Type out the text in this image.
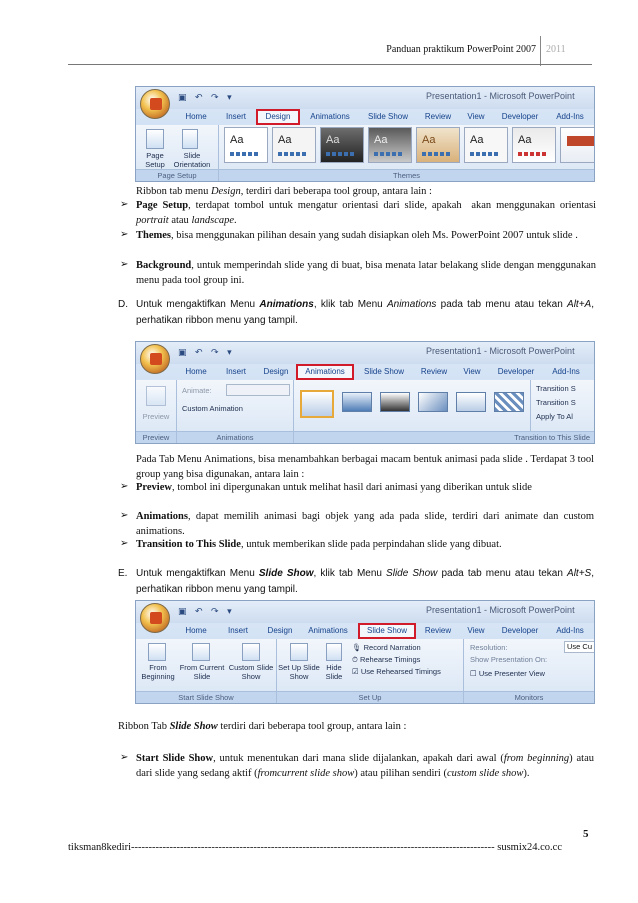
Panduan praktikum PowerPoint 2007 2011
Presentation1 - Microsoft PowerPoint
▣ ↶ ↷ ▾
Home	Insert	Design	Animations	Slide Show	Review	View	Developer	Add-Ins
Page Setup
Slide Orientation
Page Setup
Aa	Aa	Aa	Aa	Aa	Aa	Aa
Themes
Ribbon tab menu Design, terdiri dari beberapa tool group, antara lain :
➢ Page Setup, terdapat tombol untuk mengatur orientasi dari slide, apakah  akan menggunakan orientasi portrait atau landscape.
➢ Themes, bisa menggunakan pilihan desain yang sudah disiapkan oleh Ms. PowerPoint 2007 untuk slide .
➢ Background, untuk memperindah slide yang di buat, bisa menata latar belakang slide dengan menggunakan menu pada tool group ini.
D. Untuk mengaktifkan Menu Animations, klik tab Menu Animations pada tab menu atau tekan Alt+A, perhatikan ribbon menu yang tampil.
Presentation1 - Microsoft PowerPoint
▣ ↶ ↷ ▾
Home	Insert	Design	Animations	Slide Show	Review	View	Developer	Add-Ins
Preview
Preview
Animate:
Custom Animation
Animations
Transition S
Transition S
Apply To Al
Transition to This Slide
Pada Tab Menu Animations, bisa menambahkan berbagai macam bentuk animasi pada slide . Terdapat 3 tool group yang bisa digunakan, antara lain :
➢ Preview, tombol ini dipergunakan untuk melihat hasil dari animasi yang diberikan untuk slide
➢ Animations, dapat memilih animasi bagi objek yang ada pada slide, terdiri dari animate dan custom animations.
➢ Transition to This Slide, untuk memberikan slide pada perpindahan slide yang dibuat.
E. Untuk mengaktifkan Menu Slide Show, klik tab Menu Slide Show pada tab menu atau tekan Alt+S, perhatikan ribbon menu yang tampil.
Presentation1 - Microsoft PowerPoint
▣ ↶ ↷ ▾
Home	Insert	Design	Animations	Slide Show	Review	View	Developer	Add-Ins
From Beginning
From Current Slide
Custom Slide Show
Start Slide Show
Set Up Slide Show
Hide Slide
🎙 Record Narration
⏱ Rehearse Timings
☑ Use Rehearsed Timings
Set Up
Resolution:	Use Cu
Show Presentation On:
☐ Use Presenter View
Monitors
Ribbon Tab Slide Show terdiri dari beberapa tool group, antara lain :
➢ Start Slide Show, untuk menentukan dari mana slide dijalankan, apakah dari awal (from beginning) atau dari slide yang sedang aktif (fromcurrent slide show) atau pilihan sendiri (custom slide show).
5
tiksman8kediri-------------------------------------------------------------------------------------------------------- susmix24.co.cc
